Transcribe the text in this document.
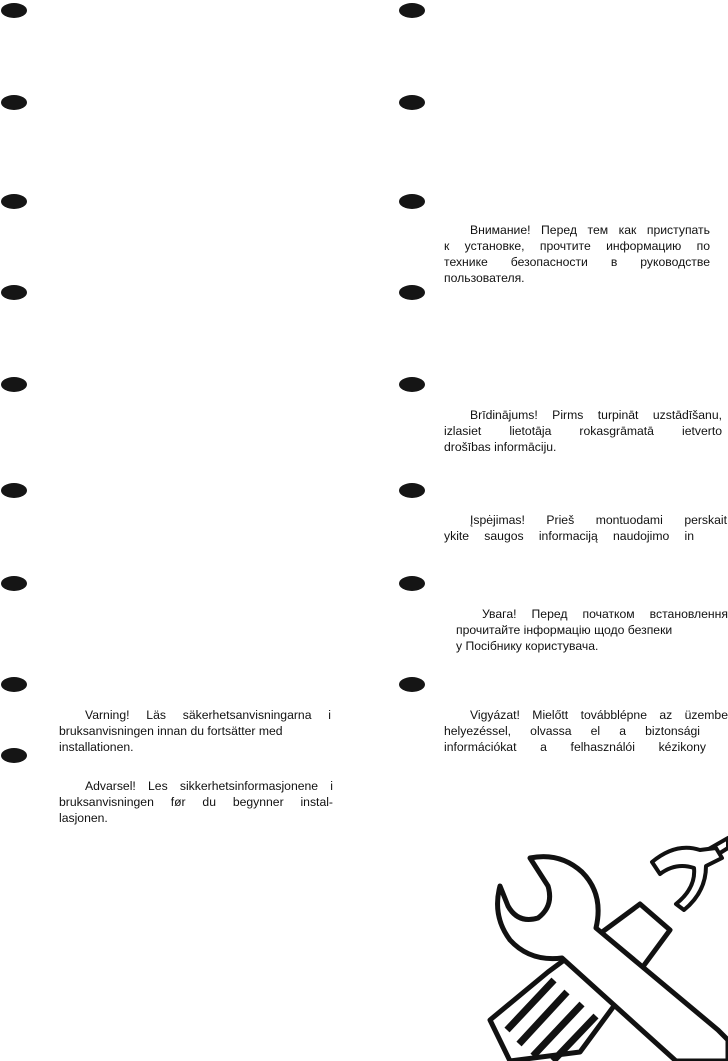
Внимание! Перед тем как приступать
к установке, прочтите информацию по
технике безопасности в руководстве
пользователя.
Brīdinājums! Pirms turpināt uzstādīšanu,
izlasiet lietotāja rokasgrāmatā ietverto
drošības informāciju.
Įspėjimas! Prieš montuodami perskait
ykite saugos informaciją naudojimo in
Увага! Перед початком встановлення
прочитайте інформацію щодо безпеки
у Посібнику користувача.
Vigyázat! Mielőtt továbblépne az üzembe
helyezéssel, olvassa el a biztonsági
információkat a felhasználói kézikony
Varning! Läs säkerhetsanvisningarna i
bruksanvisningen innan du fortsätter med
installationen.
Advarsel! Les sikkerhetsinformasjonene i
bruksanvisningen før du begynner instal-
lasjonen.
